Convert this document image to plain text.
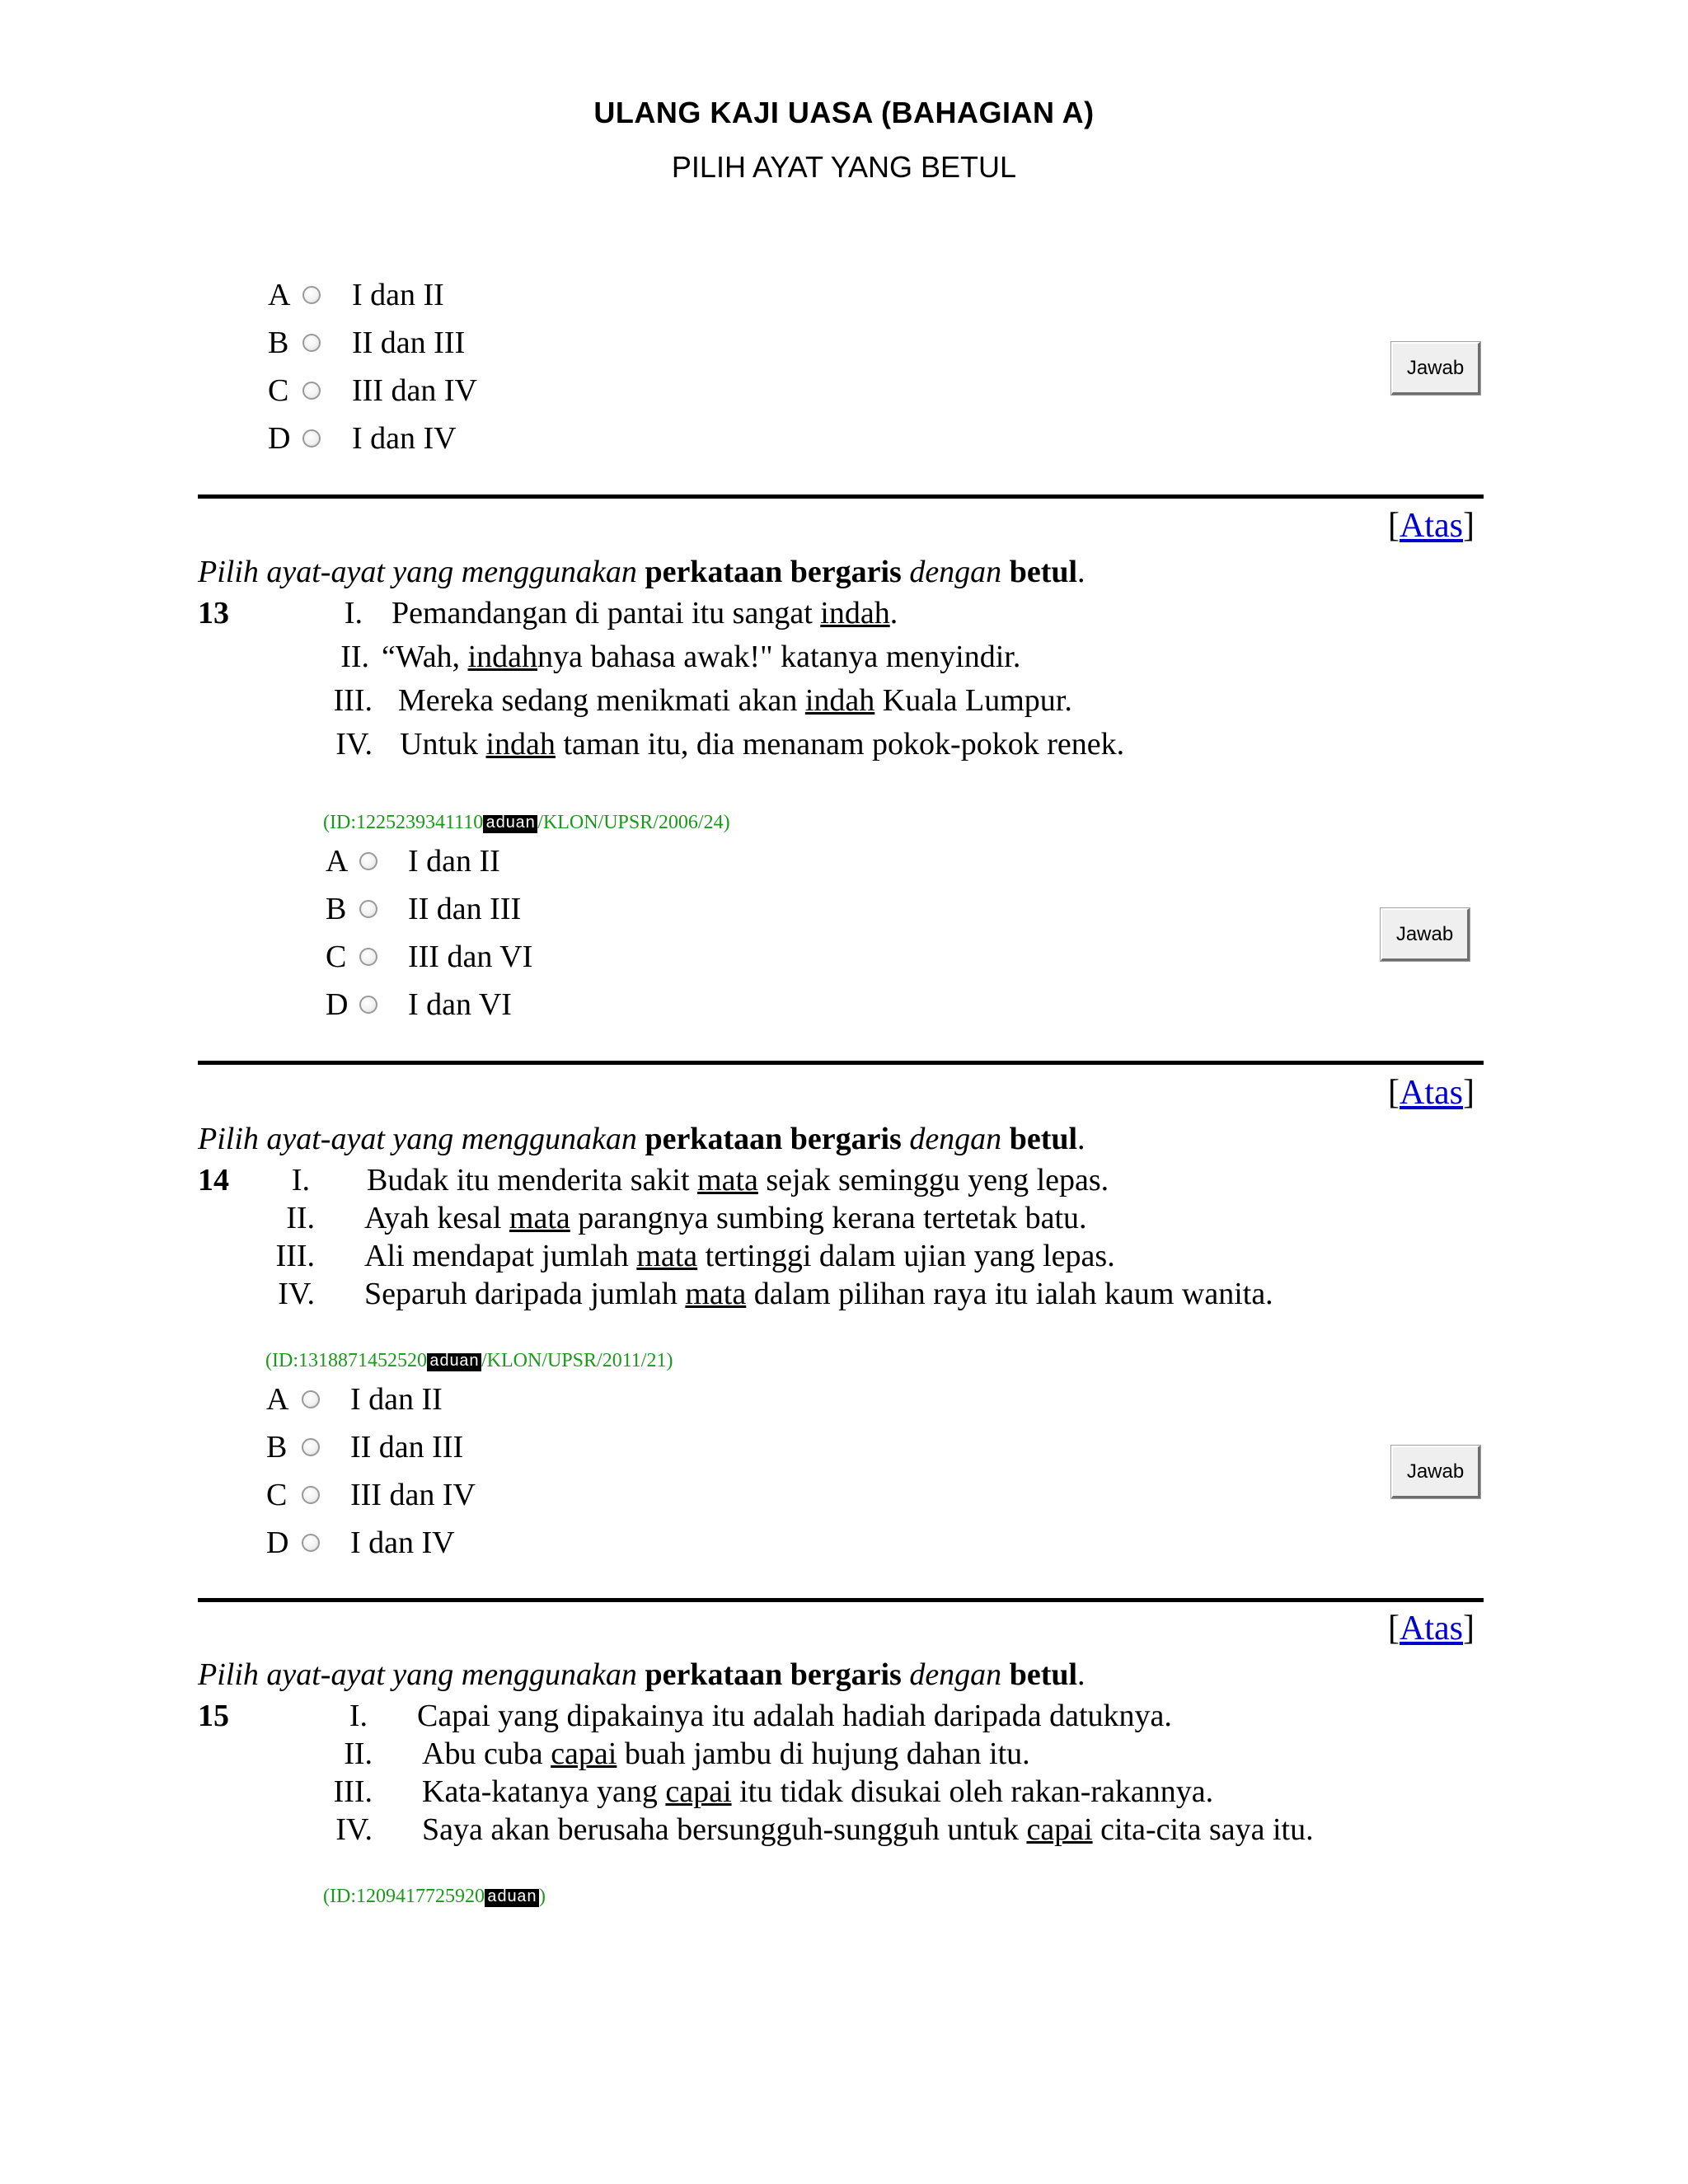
ULANG KAJI UASA (BAHAGIAN A)
PILIH AYAT YANG BETUL
A I dan II
B II dan III
C III dan IV
D I dan IV
Jawab
[Atas]
Pilih ayat-ayat yang menggunakan perkataan bergaris dengan betul.
13	I. Pemandangan di pantai itu sangat indah.
II. “Wah, indahnya bahasa awak!" katanya menyindir.
III. Mereka sedang menikmati akan indah Kuala Lumpur.
IV. Untuk indah taman itu, dia menanam pokok-pokok renek.
(ID:1225239341110 aduan /KLON/UPSR/2006/24)
A I dan II
B II dan III
C III dan VI
D I dan VI
Jawab
[Atas]
Pilih ayat-ayat yang menggunakan perkataan bergaris dengan betul.
14	I. Budak itu menderita sakit mata sejak seminggu yeng lepas.
II. Ayah kesal mata parangnya sumbing kerana tertetak batu.
III. Ali mendapat jumlah mata tertinggi dalam ujian yang lepas.
IV. Separuh daripada jumlah mata dalam pilihan raya itu ialah kaum wanita.
(ID:1318871452520 aduan /KLON/UPSR/2011/21)
A I dan II
B II dan III
C III dan IV
D I dan IV
Jawab
[Atas]
Pilih ayat-ayat yang menggunakan perkataan bergaris dengan betul.
15	I. Capai yang dipakainya itu adalah hadiah daripada datuknya.
II. Abu cuba capai buah jambu di hujung dahan itu.
III. Kata-katanya yang capai itu tidak disukai oleh rakan-rakannya.
IV. Saya akan berusaha bersungguh-sungguh untuk capai cita-cita saya itu.
(ID:1209417725920 aduan )
